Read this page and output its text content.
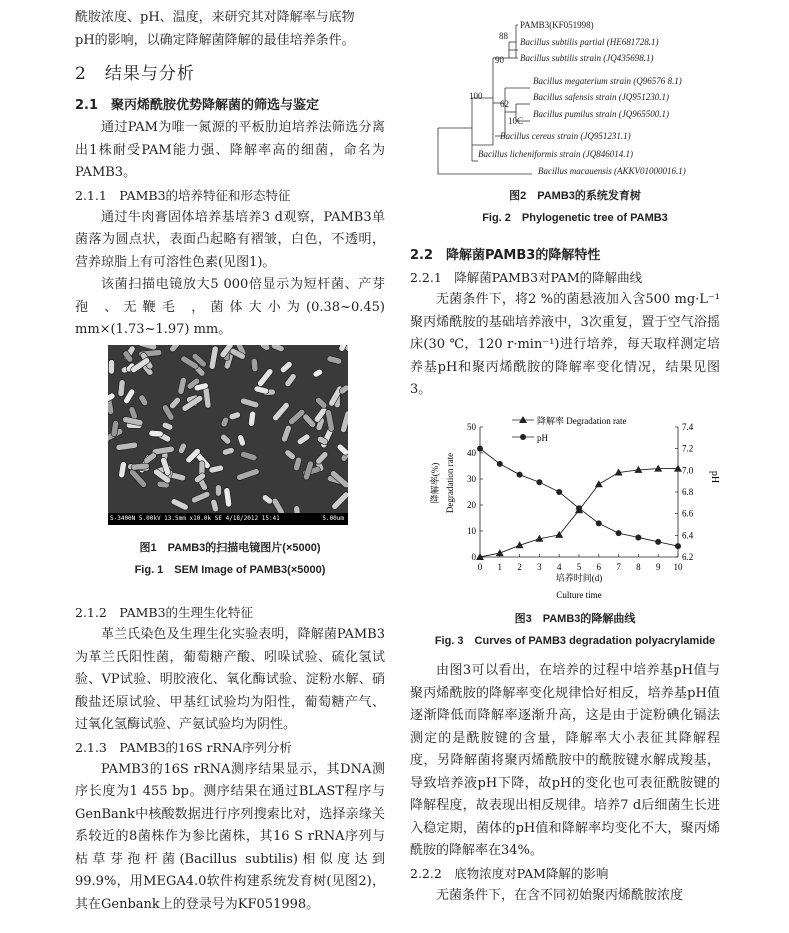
酰胺浓度、pH、温度，来研究其对降解率与底物

pH的影响，以确定降解菌降解的最佳培养条件。

2　结果与分析

2.1　聚丙烯酰胺优势降解菌的筛选与鉴定

通过PAM为唯一氮源的平板肋迫培养法筛选分离出1株耐受PAM能力强、降解率高的细菌，命名为PAMB3。

2.1.1　PAMB3的培养特征和形态特征

通过牛肉膏固体培养基培养3 d观察，PAMB3单菌落为圆点状，表面凸起略有褶皱，白色，不透明，营养琼脂上有可溶性色素(见图1)。

该菌扫描电镜放大5 000倍显示为短杆菌、产芽孢 、无鞭毛 ，菌体大小为(0.38~0.45) mm×(1.73~1.97) mm。

S-3400N 5.00kV 13.5mm x10.0k SE 4/18/2012 15:41	5.00um

图1　PAMB3的扫描电镜图片(×5000)

Fig. 1　SEM Image of PAMB3(×5000)

2.1.2　PAMB3的生理生化特征

革兰氏染色及生理生化实验表明，降解菌PAMB3为革兰氏阳性菌，葡萄糖产酸、吲哚试验、硫化氢试验、VP试验、明胶液化、氧化酶试验、淀粉水解、硝酸盐还原试验、甲基红试验均为阳性，葡萄糖产气、过氧化氢酶试验、产氨试验均为阴性。

2.1.3　PAMB3的16S rRNA序列分析

PAMB3的16S rRNA测序结果显示，其DNA测序长度为1 455 bp。测序结果在通过BLAST程序与GenBank中核酸数据进行序列搜索比对，选择亲缘关系较近的8菌株作为参比菌株，其16 S rRNA序列与枯草芽孢杆菌(Bacillus subtilis)相似度达到99.9%，用MEGA4.0软件构建系统发育树(见图2)，其在Genbank上的登录号为KF051998。

PAMB3(KF051998)
Bacillus subtilis partial (HE681728.1)
Bacillus subtilis strain (JQ435698.1)
Bacillus megaterium strain (Q96576 8.1)
Bacillus safensis strain (JQ951230.1)
Bacillus pumilus strain (JQ965500.1)
Bacillus cereus strain (JQ951231.1)
Bacillus licheniformis strain (JQ846014.1)
Bacillus macauensis (AKKV01000016.1)
88
90
100
62
10C

图2　PAMB3的系统发育树

Fig. 2　Phylogenetic tree of PAMB3

2.2　降解菌PAMB3的降解特性

2.2.1　降解菌PAMB3对PAM的降解曲线

无菌条件下，将2 %的菌悬液加入含500 mg·L⁻¹聚丙烯酰胺的基础培养液中，3次重复，置于空气浴摇床(30 ℃，120 r·min⁻¹)进行培养，每天取样测定培养基pH和聚丙烯酰胺的降解率变化情况，结果见图3。

0 1 2 3 4 5 6 7 8 9 10
0
10
20
30
40
50
6.2
6.4
6.6
6.8
7.0
7.2
7.4
降解率 Degradation rate
pH
培养时间(d)
Culture time
降解率(%) Degradation rate	pH

图3　PAMB3的降解曲线

Fig. 3　Curves of PAMB3 degradation polyacrylamide

由图3可以看出，在培养的过程中培养基pH值与聚丙烯酰胺的降解率变化规律恰好相反，培养基pH值逐渐降低而降解率逐渐升高，这是由于淀粉碘化镉法测定的是酰胺键的含量，降解率大小表征其降解程度，另降解菌将聚丙烯酰胺中的酰胺键水解成羧基，导致培养液pH下降，故pH的变化也可表征酰胺键的降解程度，故表现出相反规律。培养7 d后细菌生长进入稳定期，菌体的pH值和降解率均变化不大，聚丙烯酰胺的降解率在34%。

2.2.2　底物浓度对PAM降解的影响

无菌条件下，在含不同初始聚丙烯酰胺浓度
